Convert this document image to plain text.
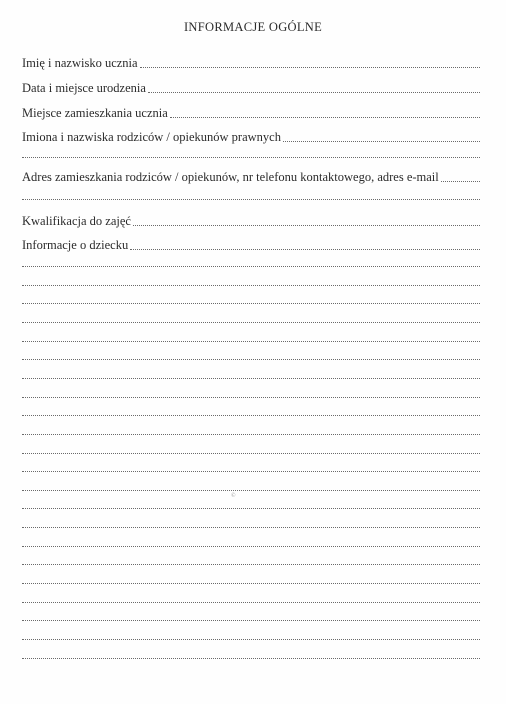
INFORMACJE OGÓLNE
Imię i nazwisko ucznia
Data i miejsce urodzenia
Miejsce zamieszkania ucznia
Imiona i nazwiska rodziców / opiekunów prawnych
Adres zamieszkania rodziców / opiekunów, nr telefonu kontaktowego, adres e-mail
Kwalifikacja do zajęć
Informacje o dziecku
©
